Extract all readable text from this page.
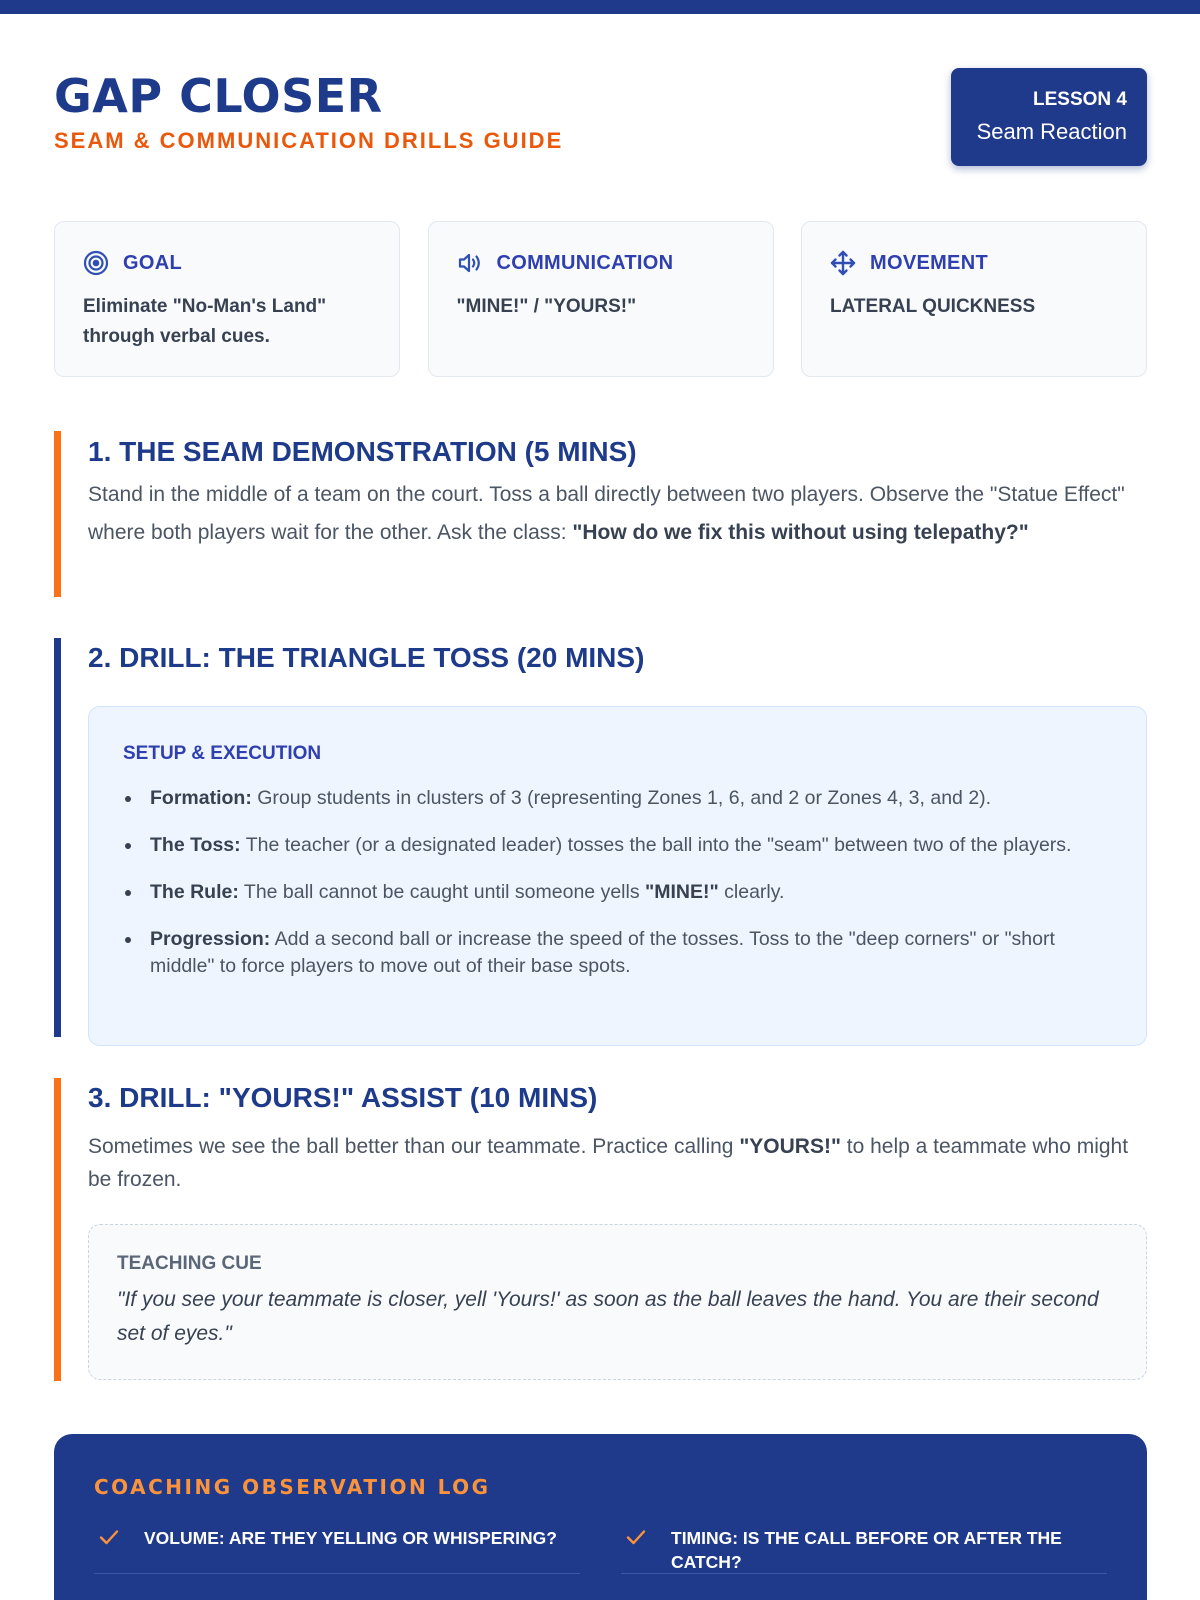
GAP CLOSER
SEAM & COMMUNICATION DRILLS GUIDE
LESSON 4
Seam Reaction
GOAL
Eliminate "No-Man's Land" through verbal cues.
COMMUNICATION
"MINE!" / "YOURS!"
MOVEMENT
LATERAL QUICKNESS
1. THE SEAM DEMONSTRATION (5 MINS)

Stand in the middle of a team on the court. Toss a ball directly between two players. Observe the "Statue Effect" where both players wait for the other. Ask the class: "How do we fix this without using telepathy?"

2. DRILL: THE TRIANGLE TOSS (20 MINS)
SETUP & EXECUTION
Formation: Group students in clusters of 3 (representing Zones 1, 6, and 2 or Zones 4, 3, and 2).
The Toss: The teacher (or a designated leader) tosses the ball into the "seam" between two of the players.
The Rule: The ball cannot be caught until someone yells "MINE!" clearly.
Progression: Add a second ball or increase the speed of the tosses. Toss to the "deep corners" or "short middle" to force players to move out of their base spots.
3. DRILL: "YOURS!" ASSIST (10 MINS)

Sometimes we see the ball better than our teammate. Practice calling "YOURS!" to help a teammate who might be frozen.

TEACHING CUE
"If you see your teammate is closer, yell 'Yours!' as soon as the ball leaves the hand. You are their second set of eyes."
COACHING OBSERVATION LOG
VOLUME: ARE THEY YELLING OR WHISPERING?	TIMING: IS THE CALL BEFORE OR AFTER THE CATCH?
